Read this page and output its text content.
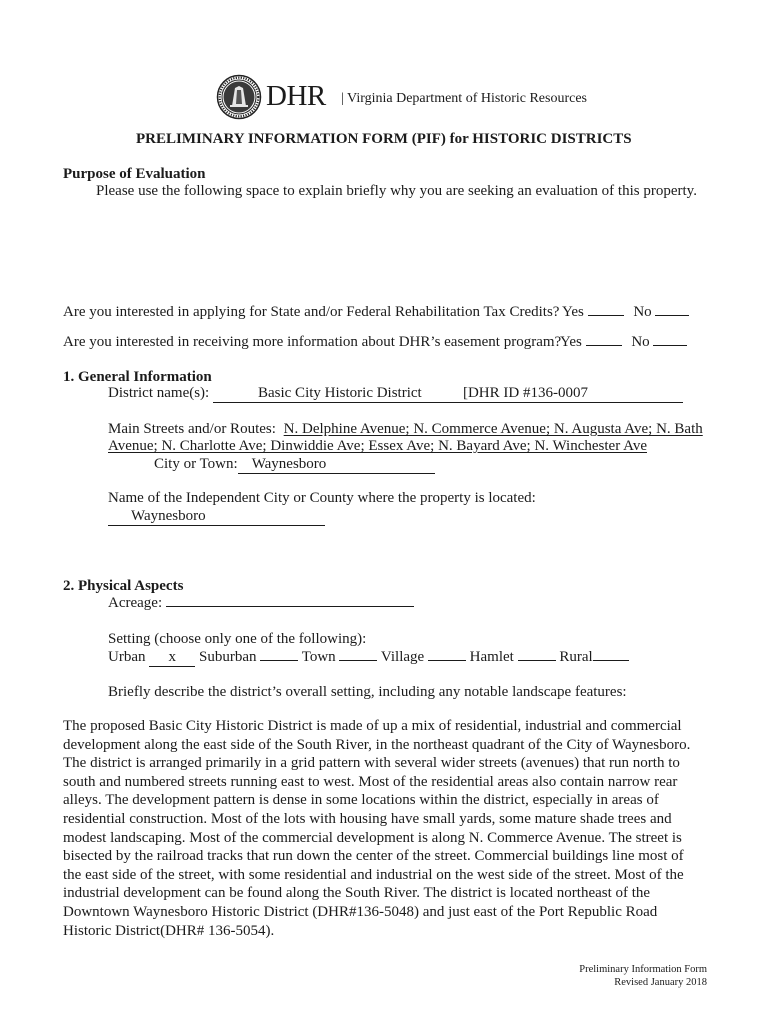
DHR | Virginia Department of Historic Resources
PRELIMINARY INFORMATION FORM (PIF) for HISTORIC DISTRICTS
Purpose of Evaluation
Please use the following space to explain briefly why you are seeking an evaluation of this property.
Are you interested in applying for State and/or Federal Rehabilitation Tax Credits? Yes	No
Are you interested in receiving more information about DHR’s easement program?
Yes	No
1. General Information
District name(s):	Basic City Historic District	[DHR ID #136-0007
Main Streets and/or Routes: N. Delphine Avenue; N. Commerce Avenue; N. Augusta Ave; N. Bath
Avenue; N. Charlotte Ave; Dinwiddie Ave; Essex Ave; N. Bayard Ave; N. Winchester Ave
City or Town: Waynesboro
Name of the Independent City or County where the property is located:
Waynesboro
2. Physical Aspects
Acreage:
Setting (choose only one of the following):
Urban x Suburban	Town	Village	Hamlet	Rural
Briefly describe the district’s overall setting, including any notable landscape features:

The proposed Basic City Historic District is made of up a mix of residential, industrial and commercial development along the east side of the South River, in the northeast quadrant of the City of Waynesboro. The district is arranged primarily in a grid pattern with several wider streets (avenues) that run north to south and numbered streets running east to west. Most of the residential areas also contain narrow rear alleys. The development pattern is dense in some locations within the district, especially in areas of residential construction. Most of the lots with housing have small yards, some mature shade trees and modest landscaping. Most of the commercial development is along N. Commerce Avenue. The street is bisected by the railroad tracks that run down the center of the street. Commercial buildings line most of the east side of the street, with some residential and industrial on the west side of the street. Most of the industrial development can be found along the South River. The district is located northeast of the Downtown Waynesboro Historic District (DHR#136-5048) and just east of the Port Republic Road Historic District(DHR# 136-5054).

Preliminary Information Form
Revised January 2018
